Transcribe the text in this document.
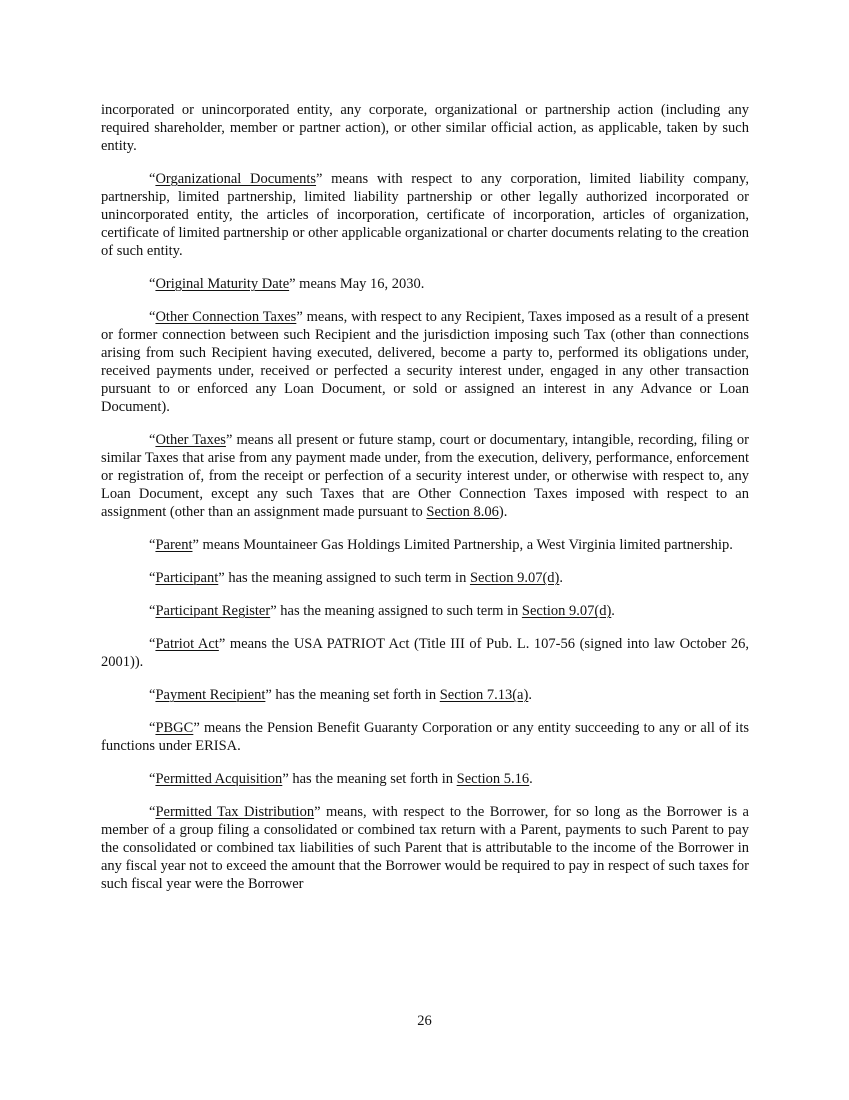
incorporated or unincorporated entity, any corporate, organizational or partnership action (including any required shareholder, member or partner action), or other similar official action, as applicable, taken by such entity.

“Organizational Documents” means with respect to any corporation, limited liability company, partnership, limited partnership, limited liability partnership or other legally authorized incorporated or unincorporated entity, the articles of incorporation, certificate of incorporation, articles of organization, certificate of limited partnership or other applicable organizational or charter documents relating to the creation of such entity.

“Original Maturity Date” means May 16, 2030.

“Other Connection Taxes” means, with respect to any Recipient, Taxes imposed as a result of a present or former connection between such Recipient and the jurisdiction imposing such Tax (other than connections arising from such Recipient having executed, delivered, become a party to, performed its obligations under, received payments under, received or perfected a security interest under, engaged in any other transaction pursuant to or enforced any Loan Document, or sold or assigned an interest in any Advance or Loan Document).

“Other Taxes” means all present or future stamp, court or documentary, intangible, recording, filing or similar Taxes that arise from any payment made under, from the execution, delivery, performance, enforcement or registration of, from the receipt or perfection of a security interest under, or otherwise with respect to, any Loan Document, except any such Taxes that are Other Connection Taxes imposed with respect to an assignment (other than an assignment made pursuant to Section 8.06).

“Parent” means Mountaineer Gas Holdings Limited Partnership, a West Virginia limited partnership.

“Participant” has the meaning assigned to such term in Section 9.07(d).

“Participant Register” has the meaning assigned to such term in Section 9.07(d).

“Patriot Act” means the USA PATRIOT Act (Title III of Pub. L. 107-56 (signed into law October 26, 2001)).

“Payment Recipient” has the meaning set forth in Section 7.13(a).

“PBGC” means the Pension Benefit Guaranty Corporation or any entity succeeding to any or all of its functions under ERISA.

“Permitted Acquisition” has the meaning set forth in Section 5.16.

“Permitted Tax Distribution” means, with respect to the Borrower, for so long as the Borrower is a member of a group filing a consolidated or combined tax return with a Parent, payments to such Parent to pay the consolidated or combined tax liabilities of such Parent that is attributable to the income of the Borrower in any fiscal year not to exceed the amount that the Borrower would be required to pay in respect of such taxes for such fiscal year were the Borrower

26
